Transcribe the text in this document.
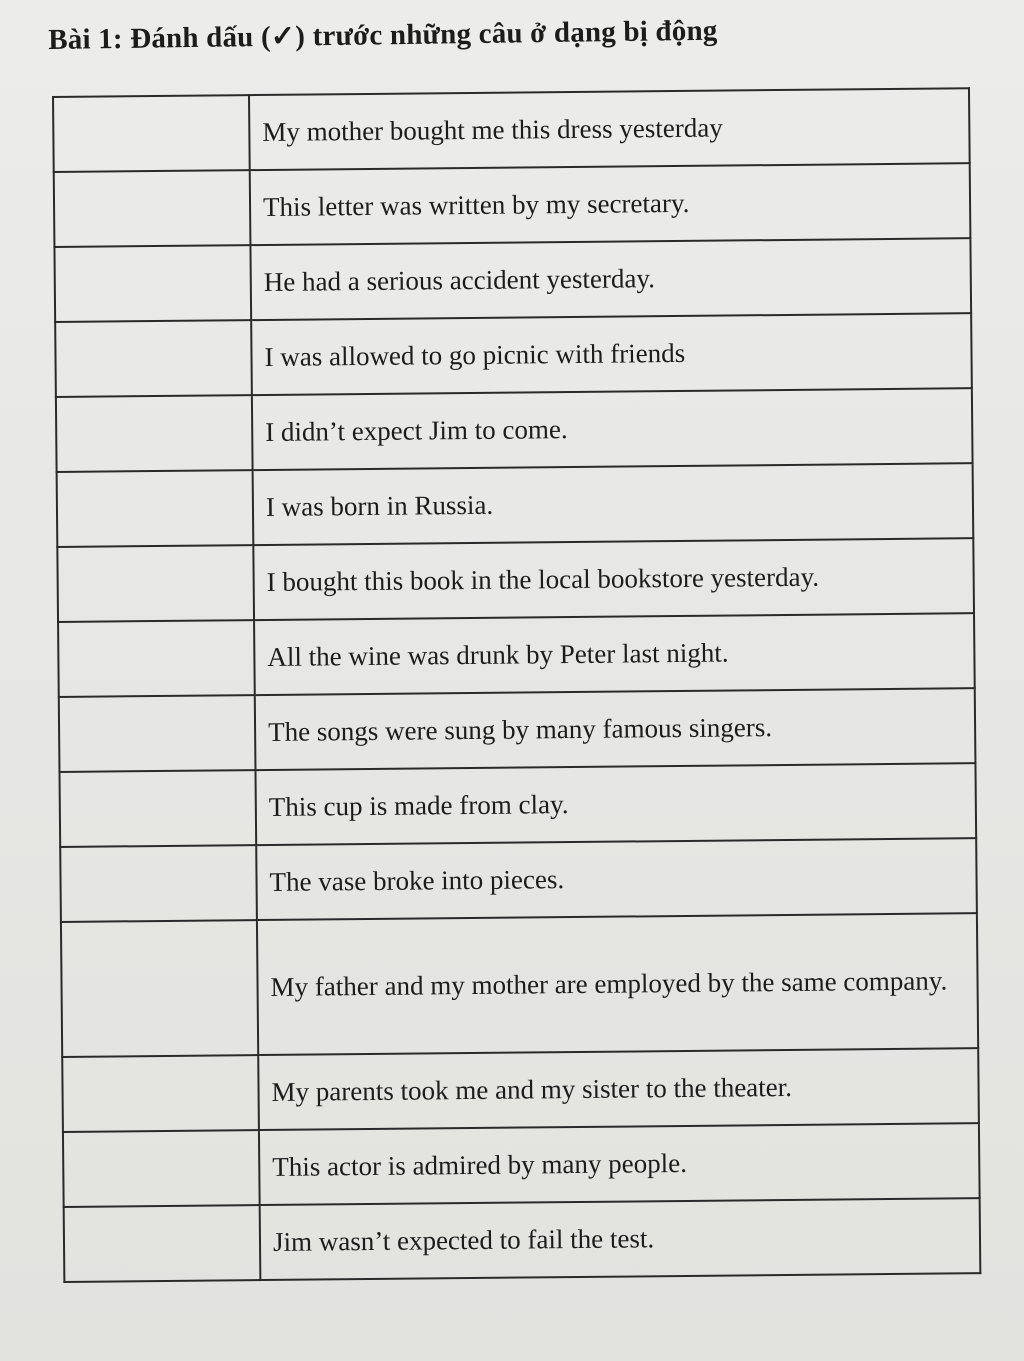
Bài 1: Đánh dấu (✓) trước những câu ở dạng bị động
	My mother bought me this dress yesterday
	This letter was written by my secretary.
	He had a serious accident yesterday.
	I was allowed to go picnic with friends
	I didn’t expect Jim to come.
	I was born in Russia.
	I bought this book in the local bookstore yesterday.
	All the wine was drunk by Peter last night.
	The songs were sung by many famous singers.
	This cup is made from clay.
	The vase broke into pieces.
	My father and my mother are employed by the same company.
	My parents took me and my sister to the theater.
	This actor is admired by many people.
	Jim wasn’t expected to fail the test.
